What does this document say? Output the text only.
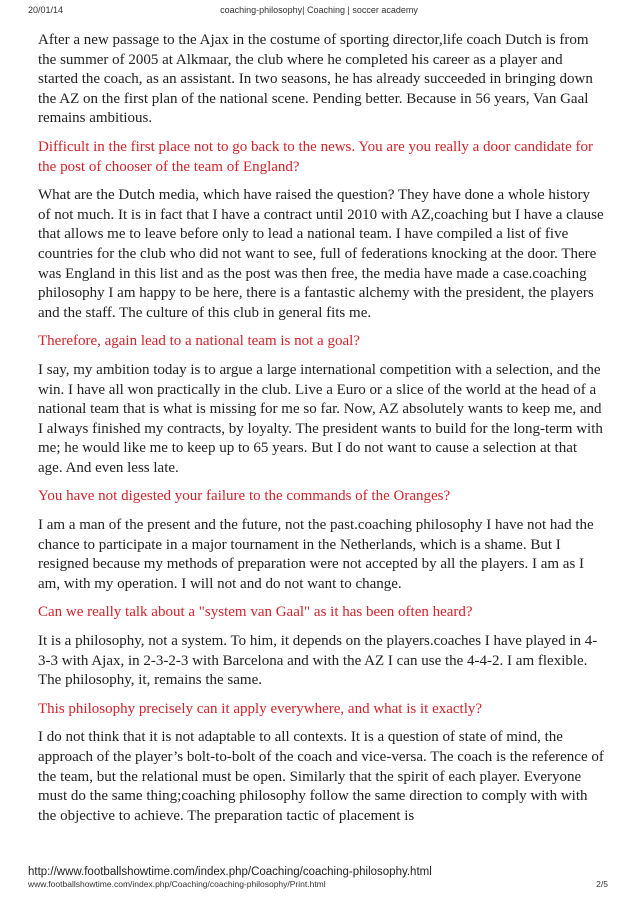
20/01/14	coaching-philosophy| Coaching | soccer academy

After a new passage to the Ajax in the costume of sporting director,life coach Dutch is from the summer of 2005 at Alkmaar, the club where he completed his career as a player and started the coach, as an assistant. In two seasons, he has already succeeded in bringing down the AZ on the first plan of the national scene. Pending better. Because in 56 years, Van Gaal remains ambitious.

Difficult in the first place not to go back to the news. You are you really a door candidate for the post of chooser of the team of England?

What are the Dutch media, which have raised the question? They have done a whole history of not much. It is in fact that I have a contract until 2010 with AZ,coaching but I have a clause that allows me to leave before only to lead a national team. I have compiled a list of five countries for the club who did not want to see, full of federations knocking at the door. There was England in this list and as the post was then free, the media have made a case.coaching philosophy I am happy to be here, there is a fantastic alchemy with the president, the players and the staff. The culture of this club in general fits me.

Therefore, again lead to a national team is not a goal?

I say, my ambition today is to argue a large international competition with a selection, and the win. I have all won practically in the club. Live a Euro or a slice of the world at the head of a national team that is what is missing for me so far. Now, AZ absolutely wants to keep me, and I always finished my contracts, by loyalty. The president wants to build for the long-term with me; he would like me to keep up to 65 years. But I do not want to cause a selection at that age. And even less late.

You have not digested your failure to the commands of the Oranges?

I am a man of the present and the future, not the past.coaching philosophy I have not had the chance to participate in a major tournament in the Netherlands, which is a shame. But I resigned because my methods of preparation were not accepted by all the players. I am as I am, with my operation. I will not and do not want to change.

Can we really talk about a "system van Gaal" as it has been often heard?

It is a philosophy, not a system. To him, it depends on the players.coaches I have played in 4-3-3 with Ajax, in 2-3-2-3 with Barcelona and with the AZ I can use the 4-4-2. I am flexible. The philosophy, it, remains the same.

This philosophy precisely can it apply everywhere, and what is it exactly?

I do not think that it is not adaptable to all contexts. It is a question of state of mind, the approach of the player’s bolt-to-bolt of the coach and vice-versa. The coach is the reference of the team, but the relational must be open. Similarly that the spirit of each player. Everyone must do the same thing;coaching philosophy follow the same direction to comply with with the objective to achieve. The preparation tactic of placement is

http://www.footballshowtime.com/index.php/Coaching/coaching-philosophy.html
www.footballshowtime.com/index.php/Coaching/coaching-philosophy/Print.html	2/5
